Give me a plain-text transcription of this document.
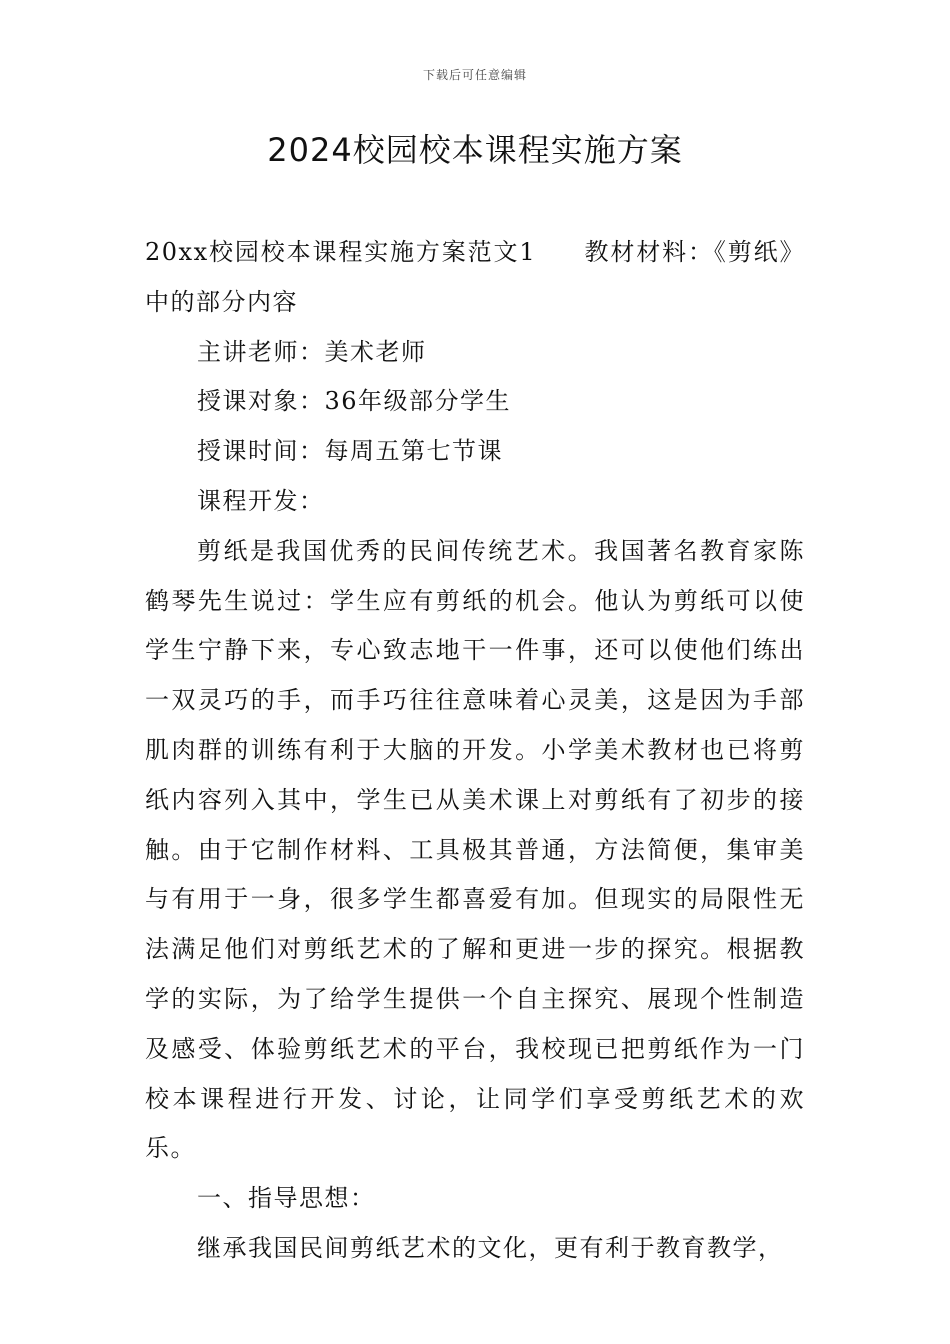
下载后可任意编辑
2024校园校本课程实施方案

20xx校园校本课程实施方案范文1 教材材料：《剪纸》中的部分内容

主讲老师：美术老师

授课对象：36年级部分学生

授课时间：每周五第七节课

课程开发：

剪纸是我国优秀的民间传统艺术。我国著名教育家陈鹤琴先生说过：学生应有剪纸的机会。他认为剪纸可以使学生宁静下来，专心致志地干一件事，还可以使他们练出一双灵巧的手，而手巧往往意味着心灵美，这是因为手部肌肉群的训练有利于大脑的开发。小学美术教材也已将剪纸内容列入其中，学生已从美术课上对剪纸有了初步的接触。由于它制作材料、工具极其普通，方法简便，集审美与有用于一身，很多学生都喜爱有加。但现实的局限性无法满足他们对剪纸艺术的了解和更进一步的探究。根据教学的实际，为了给学生提供一个自主探究、展现个性制造及感受、体验剪纸艺术的平台，我校现已把剪纸作为一门校本课程进行开发、讨论，让同学们享受剪纸艺术的欢乐。

一、指导思想：

继承我国民间剪纸艺术的文化，更有利于教育教学，
